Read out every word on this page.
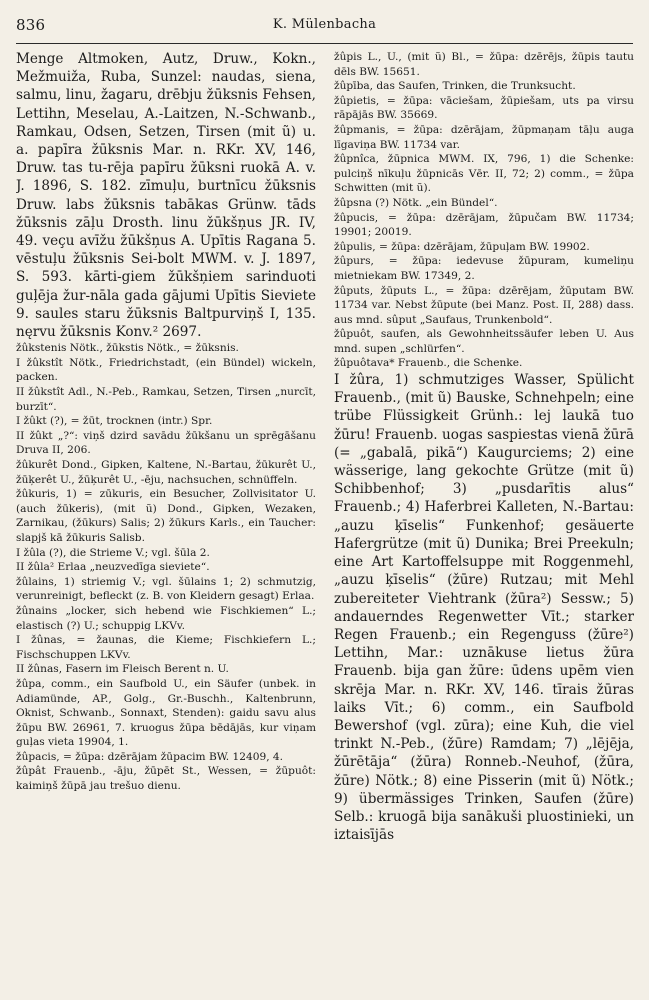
836	K. Mülenbacha

Menge Altmoken, Autz, Druw., Kokn., Mežmuiža, Ruba, Sunzel: naudas, siena, salmu, linu, žagaru, drēbju žūksnis Fehsen, Lettihn, Meselau, A.-Laitzen, N.-Schwanb., Ramkau, Odsen, Setzen, Tirsen (mit ũ) u. a. papīra žūksnis Mar. n. RKr. XV, 146, Druw. tas tu-rēja papīru žūksni ruokā A. v. J. 1896, S. 182. zīmuļu, burtnīcu žūksnis Druw. labs žūksnis tabākas Grünw. tāds žūksnis zāļu Drosth. linu žūkšņus JR. IV, 49. veçu avīžu žūkšņus A. Upītis Ragana 5. vēstuļu žūksnis Sei-bolt MWM. v. J. 1897, S. 593. kārti-giem žūkšņiem sarinduoti guļēja žur-nāla gada gājumi Upītis Sieviete 9. saules staru žūksnis Baltpurviņš I, 135. nęrvu žūksnis Konv.² 2697.

žûkstenis Nötk., žūkstis Nötk., = žūksnis.

I žûkstît Nötk., Friedrichstadt, (ein Bündel) wickeln, packen.

II žûkstît Adl., N.-Peb., Ramkau, Setzen, Tirsen „nurcīt, burzīt“.

I žûkt (?), = žūt, trocknen (intr.) Spr.

II žûkt „?“: viņš dzird savādu žūkšanu un sprēgāšanu Druva II, 206.

žûkurêt Dond., Gipken, Kaltene, N.-Bartau, žūkurêt U., žūķerêt U., žūķurêt U., -ēju, nachsuchen, schnüffeln.

žûkuris, 1) = zūkuris, ein Besucher, Zollvisitator U. (auch žūkeris), (mit ũ) Dond., Gipken, Wezaken, Zarnikau, (žūkurs) Salis; 2) žūkurs Karls., ein Taucher: slapjš kā žūkuris Salisb.

I žûla (?), die Strieme V.; vgl. šūla 2.

II žûla² Erlaa „neuzvedīga sieviete“.

žûlains, 1) striemig V.; vgl. šūlains 1; 2) schmutzig, verunreinigt, befleckt (z. B. von Kleidern gesagt) Erlaa.

žûnains „locker, sich hebend wie Fischkiemen“ L.; elastisch (?) U.; schuppig LKVv.

I žûnas, = žaunas, die Kieme; Fischkiefern L.; Fischschuppen LKVv.

II žûnas, Fasern im Fleisch Berent n. U.

žûpa, comm., ein Saufbold U., ein Säufer (unbek. in Adiamünde, AP., Golg., Gr.-Buschh., Kaltenbrunn, Oknist, Schwanb., Sonnaxt, Stenden): gaidu savu alus žūpu BW. 26961, 7. kruogus žūpa bēdājās, kur viņam guļas vieta 19904, 1.

žûpacis, = žūpa: dzērājam žūpacim BW. 12409, 4.

žûpât Frauenb., -āju, žūpēt St., Wessen, = žūpuôt: kaimiņš žūpā jau trešuo dienu.

žûpis L., U., (mit ũ) Bl., = žūpa: dzērējs, žūpis tautu dēls BW. 15651.

žûpība, das Saufen, Trinken, die Trunksucht.

žûpietis, = žūpa: vāciešam, žūpiešam, uts pa virsu rāpājās BW. 35669.

žûpmanis, = žūpa: dzērājam, žūpmaņam tāļu auga līgaviņa BW. 11734 var.

žûpnîca, žūpnica MWM. IX, 796, 1) die Schenke: pulciņš nīkuļu žūpnicās Vēr. II, 72; 2) comm., = žūpa Schwitten (mit ũ).

žûpsna (?) Nötk. „ein Bündel“.

žûpucis, = žūpa: dzērājam, žūpučam BW. 11734; 19901; 20019.

žûpulis, = žūpa: dzērājam, žūpuļam BW. 19902.

žûpurs, = žūpa: iedevuse žūpuram, kumeliņu mietniekam BW. 17349, 2.

žûputs, žūputs L., = žūpa: dzērējam, žūputam BW. 11734 var. Nebst žūpute (bei Manz. Post. II, 288) dass. aus mnd. sûput „Saufaus, Trunkenbold“.

žûpuôt, saufen, als Gewohnheitssäufer leben U. Aus mnd. supen „schlürfen“.

žûpuôtava* Frauenb., die Schenke.

I žûra, 1) schmutziges Wasser, Spülicht Frauenb., (mit ũ) Bauske, Schnehpeln; eine trübe Flüssigkeit Grünh.: lej laukā tuo žūru! Frauenb. uogas saspiestas vienā žūrā (= „gabalā, pikā“) Kaugurciems; 2) eine wässerige, lang gekochte Grütze (mit ũ) Schibbenhof; 3) „pusdarītis alus“ Frauenb.; 4) Haferbrei Kalleten, N.-Bartau: „auzu ķīselis“ Funkenhof; gesäuerte Hafergrütze (mit ũ) Dunika; Brei Preekuln; eine Art Kartoffelsuppe mit Roggenmehl, „auzu ķīselis“ (žūre) Rutzau; mit Mehl zubereiteter Viehtrank (žūra²) Sessw.; 5) andauerndes Regenwetter Vīt.; starker Regen Frauenb.; ein Regenguss (žūre²) Lettihn, Mar.: uznākuse lietus žūra Frauenb. bija gan žūre: ūdens upēm vien skrēja Mar. n. RKr. XV, 146. tīrais žūras laiks Vīt.; 6) comm., ein Saufbold Bewershof (vgl. zūra); eine Kuh, die viel trinkt N.-Peb., (žūre) Ramdam; 7) „lējēja, žūrētāja“ (žūra) Ronneb.-Neuhof, (žūra, žūre) Nötk.; 8) eine Pisserin (mit ũ) Nötk.; 9) übermässiges Trinken, Saufen (žūre) Selb.: kruogā bija sanākuši pluostinieki, un iztaisījās
